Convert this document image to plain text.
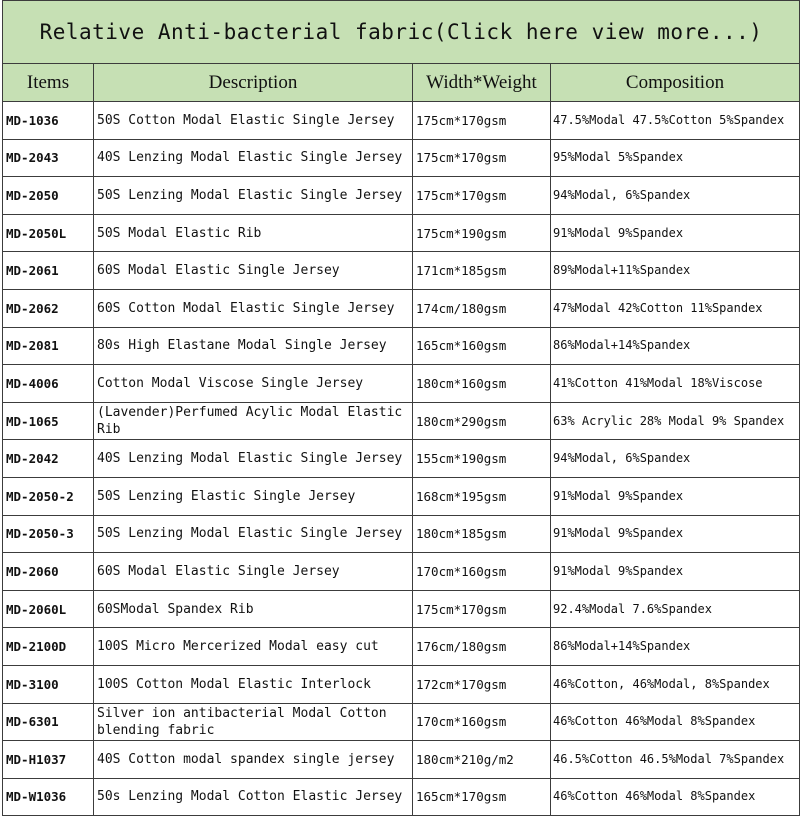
Relative Anti-bacterial fabric(Click here view more...)			
Items	Description	Width*Weight	Composition
MD-1036	50S Cotton Modal Elastic Single Jersey	175cm*170gsm	47.5%Modal 47.5%Cotton 5%Spandex
MD-2043	40S Lenzing Modal Elastic Single Jersey	175cm*170gsm	95%Modal 5%Spandex
MD-2050	50S Lenzing Modal Elastic Single Jersey	175cm*170gsm	94%Modal, 6%Spandex
MD-2050L	50S Modal Elastic Rib	175cm*190gsm	91%Modal 9%Spandex
MD-2061	60S Modal Elastic Single Jersey	171cm*185gsm	89%Modal+11%Spandex
MD-2062	60S Cotton Modal Elastic Single Jersey	174cm/180gsm	47%Modal 42%Cotton 11%Spandex
MD-2081	80s High Elastane Modal Single Jersey	165cm*160gsm	86%Modal+14%Spandex
MD-4006	Cotton Modal Viscose Single Jersey	180cm*160gsm	41%Cotton 41%Modal 18%Viscose
MD-1065	(Lavender)Perfumed Acylic Modal Elastic Rib	180cm*290gsm	63% Acrylic 28% Modal 9% Spandex
MD-2042	40S Lenzing Modal Elastic Single Jersey	155cm*190gsm	94%Modal, 6%Spandex
MD-2050-2	50S Lenzing Elastic Single Jersey	168cm*195gsm	91%Modal 9%Spandex
MD-2050-3	50S Lenzing Modal Elastic Single Jersey	180cm*185gsm	91%Modal 9%Spandex
MD-2060	60S Modal Elastic Single Jersey	170cm*160gsm	91%Modal 9%Spandex
MD-2060L	60SModal Spandex Rib	175cm*170gsm	92.4%Modal 7.6%Spandex
MD-2100D	100S Micro Mercerized Modal easy cut	176cm/180gsm	86%Modal+14%Spandex
MD-3100	100S Cotton Modal Elastic Interlock	172cm*170gsm	46%Cotton, 46%Modal, 8%Spandex
MD-6301	Silver ion antibacterial Modal Cotton blending fabric	170cm*160gsm	46%Cotton 46%Modal 8%Spandex
MD-H1037	40S Cotton modal spandex single jersey	180cm*210g/m2	46.5%Cotton 46.5%Modal 7%Spandex
MD-W1036	50s Lenzing Modal Cotton Elastic Jersey	165cm*170gsm	46%Cotton 46%Modal 8%Spandex
